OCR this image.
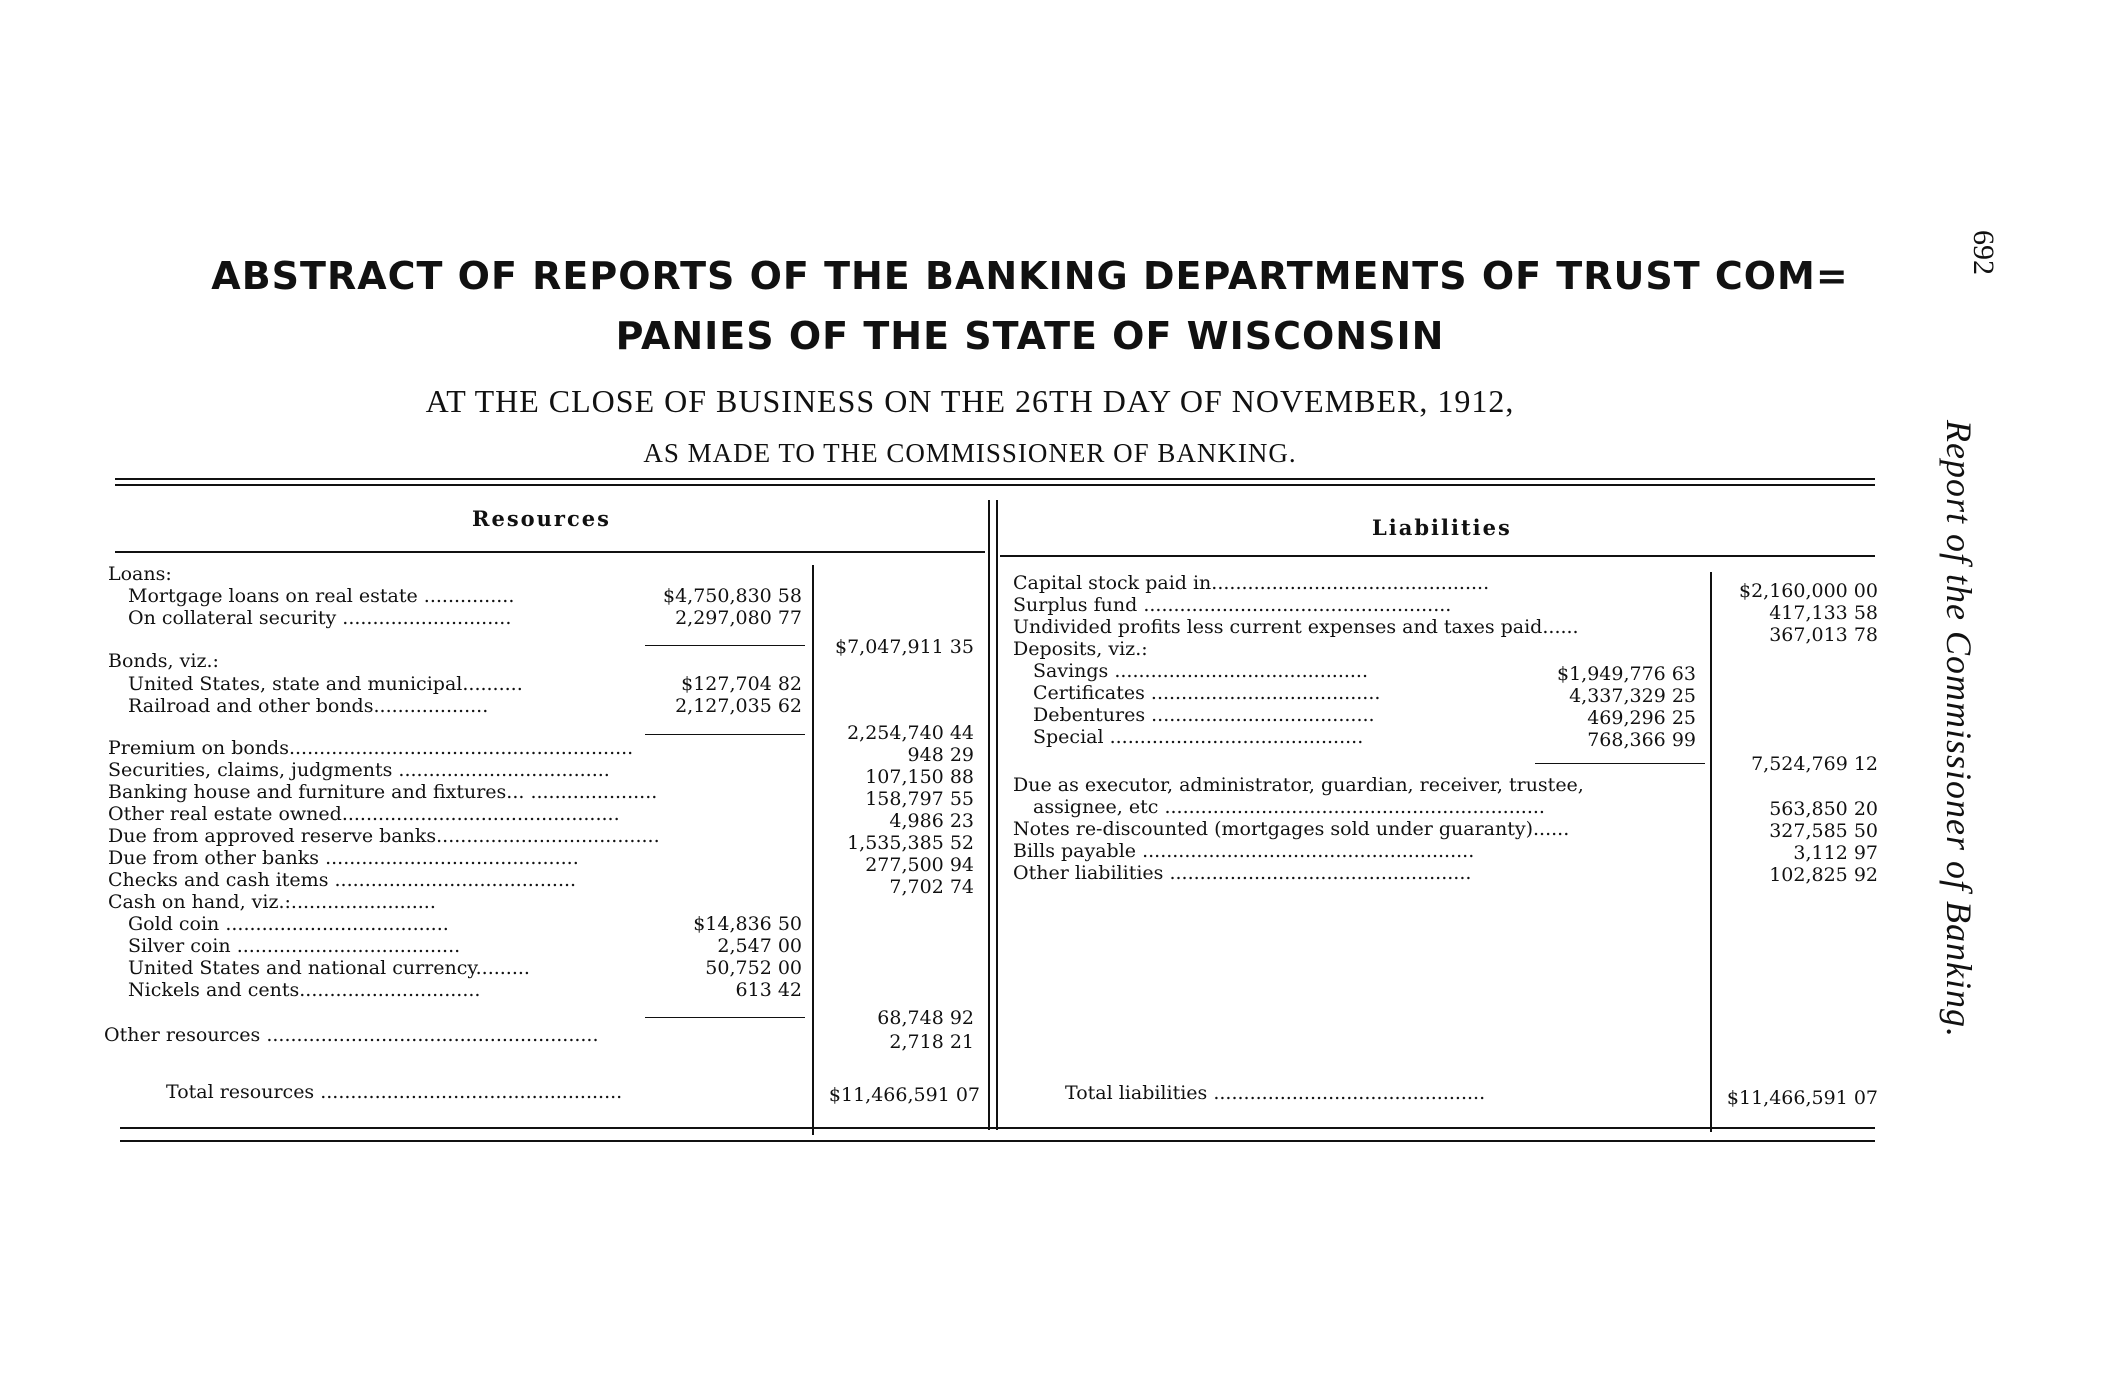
ABSTRACT OF REPORTS OF THE BANKING DEPARTMENTS OF TRUST COM=
PANIES OF THE STATE OF WISCONSIN
AT THE CLOSE OF BUSINESS ON THE 26TH DAY OF NOVEMBER, 1912,
AS MADE TO THE COMMISSIONER OF BANKING.
692
Report of the Commissioner of Banking.
Resources	Liabilities
Loans:
Mortgage loans on real estate ...............	$4,750,830 58
On collateral security ............................	2,297,080 77
$7,047,911 35
Bonds, viz.:
United States, state and municipal..........	$127,704 82
Railroad and other bonds...................	2,127,035 62
2,254,740 44
Premium on bonds.........................................................	948 29
Securities, claims, judgments ...................................	107,150 88
Banking house and furniture and fixtures... .....................	158,797 55
Other real estate owned..............................................	4,986 23
Due from approved reserve banks.....................................	1,535,385 52
Due from other banks ..........................................	277,500 94
Checks and cash items ........................................	7,702 74
Cash on hand, viz.:........................
Gold coin .....................................	$14,836 50
Silver coin .....................................	2,547 00
United States and national currency.........	50,752 00
Nickels and cents..............................	613 42
68,748 92
Other resources .......................................................	2,718 21
Total resources ..................................................	$11,466,591 07
Capital stock paid in..............................................	$2,160,000 00
Surplus fund ...................................................	417,133 58
Undivided profits less current expenses and taxes paid......	367,013 78
Deposits, viz.:
Savings ..........................................	$1,949,776 63
Certificates ......................................	4,337,329 25
Debentures .....................................	469,296 25
Special ..........................................	768,366 99
7,524,769 12
Due as executor, administrator, guardian, receiver, trustee,
assignee, etc ...............................................................	563,850 20
Notes re-discounted (mortgages sold under guaranty)......	327,585 50
Bills payable .......................................................	3,112 97
Other liabilities ..................................................	102,825 92
Total liabilities .............................................	$11,466,591 07
